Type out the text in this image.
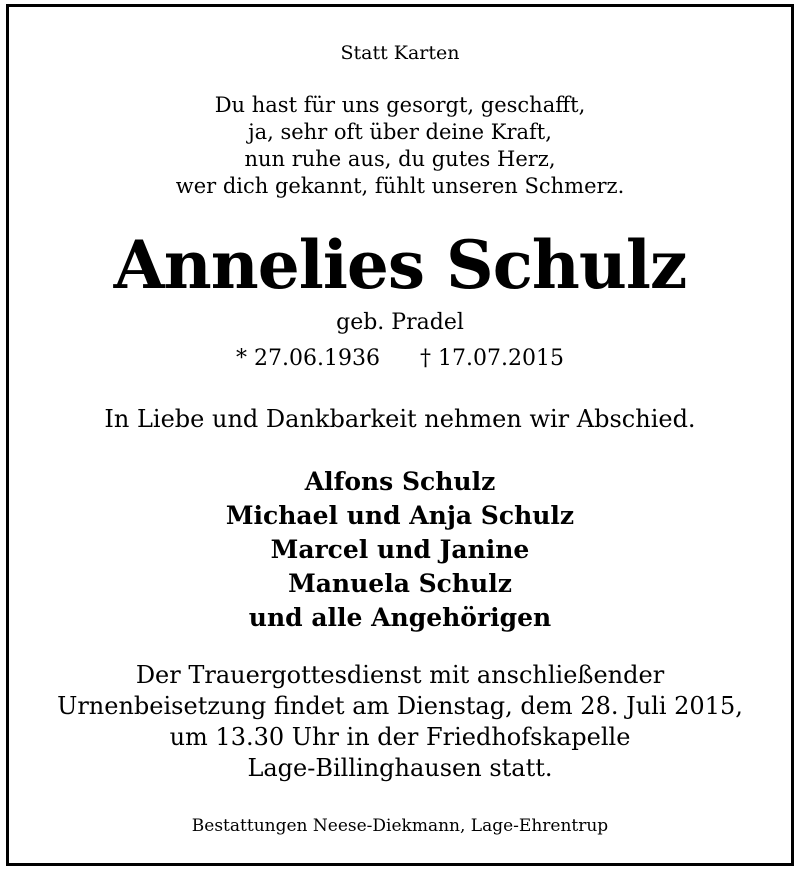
Statt Karten
Du hast für uns gesorgt, geschafft,
ja, sehr oft über deine Kraft,
nun ruhe aus, du gutes Herz,
wer dich gekannt, fühlt unseren Schmerz.
Annelies Schulz
geb. Pradel
* 27.06.1936 † 17.07.2015
In Liebe und Dankbarkeit nehmen wir Abschied.
Alfons Schulz
Michael und Anja Schulz
Marcel und Janine
Manuela Schulz
und alle Angehörigen
Der Trauergottesdienst mit anschließender
Urnenbeisetzung findet am Dienstag, dem 28. Juli 2015,
um 13.30 Uhr in der Friedhofskapelle
Lage-Billinghausen statt.
Bestattungen Neese-Diekmann, Lage-Ehrentrup
